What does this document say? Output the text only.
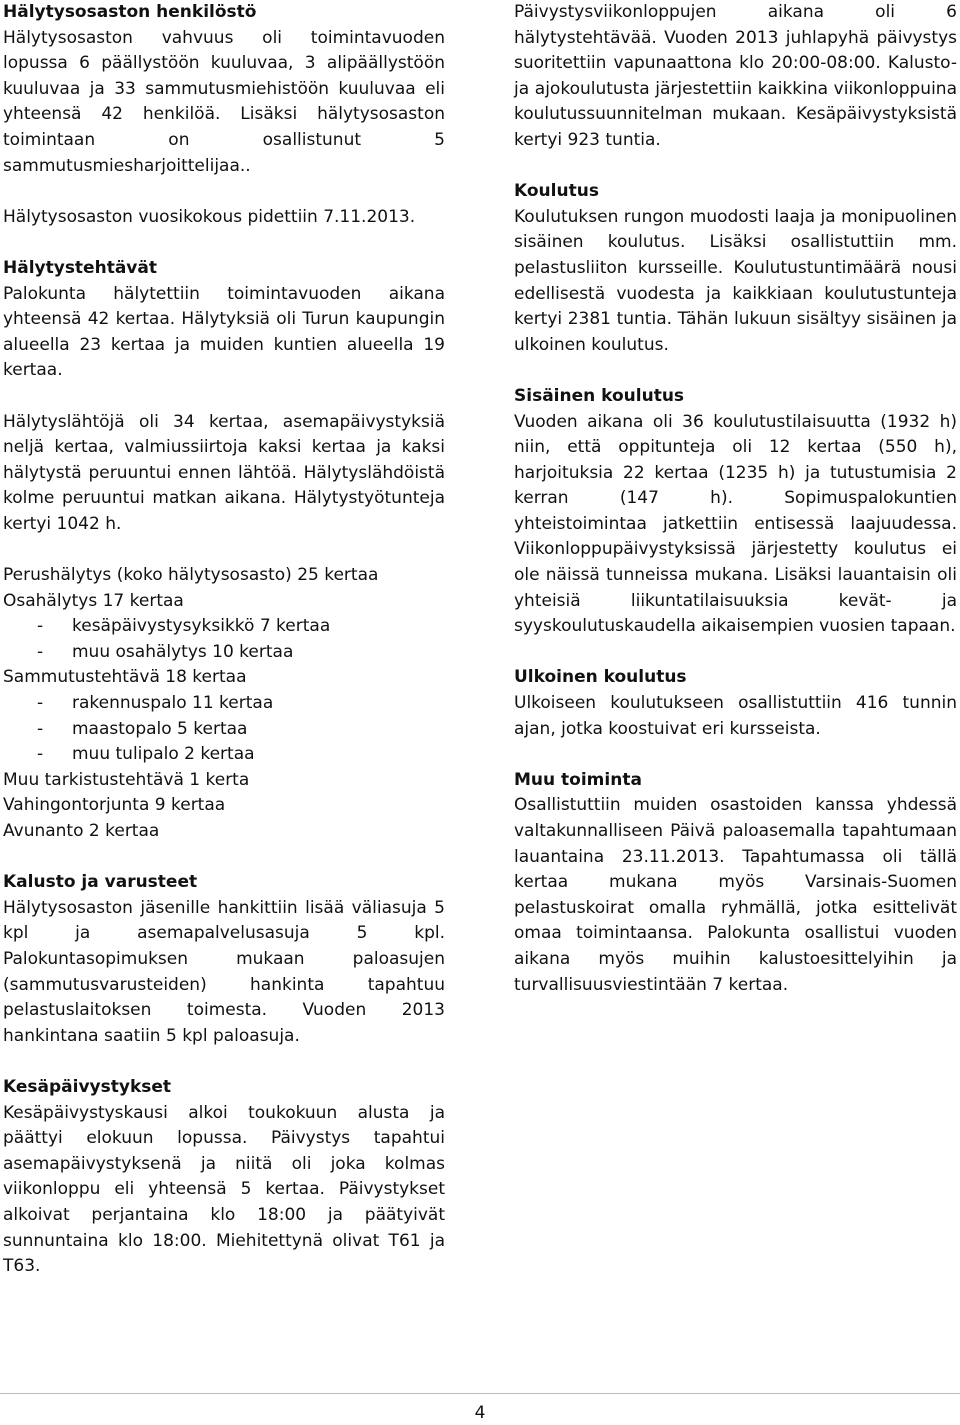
Hälytysosaston henkilöstö

Hälytysosaston vahvuus oli toimintavuoden lopussa 6 päällystöön kuuluvaa, 3 alipäällystöön kuuluvaa ja 33 sammutusmiehistöön kuuluvaa eli yhteensä 42 henkilöä. Lisäksi hälytysosaston toimintaan on osallistunut 5 sammutusmiesharjoittelijaa..

Hälytysosaston vuosikokous pidettiin 7.11.2013.

Hälytystehtävät

Palokunta hälytettiin toimintavuoden aikana yhteensä 42 kertaa. Hälytyksiä oli Turun kaupungin alueella 23 kertaa ja muiden kuntien alueella 19 kertaa.

Hälytyslähtöjä oli 34 kertaa, asemapäivystyksiä neljä kertaa, valmiussiirtoja kaksi kertaa ja kaksi hälytystä peruuntui ennen lähtöä. Hälytyslähdöistä kolme peruuntui matkan aikana. Hälytystyötunteja kertyi 1042 h.

Perushälytys (koko hälytysosasto) 25 kertaa
Osahälytys 17 kertaa
- kesäpäivystysyksikkö 7 kertaa
- muu osahälytys 10 kertaa
Sammutustehtävä 18 kertaa
- rakennuspalo 11 kertaa
- maastopalo 5 kertaa
- muu tulipalo 2 kertaa
Muu tarkistustehtävä 1 kerta
Vahingontorjunta 9 kertaa
Avunanto 2 kertaa
Kalusto ja varusteet

Hälytysosaston jäsenille hankittiin lisää väliasuja 5 kpl ja asemapalvelusasuja 5 kpl. Palokuntasopimuksen mukaan paloasujen (sammutusvarusteiden) hankinta tapahtuu pelastuslaitoksen toimesta. Vuoden 2013 hankintana saatiin 5 kpl paloasuja.

Kesäpäivystykset

Kesäpäivystyskausi alkoi toukokuun alusta ja päättyi elokuun lopussa. Päivystys tapahtui asemapäivystyksenä ja niitä oli joka kolmas viikonloppu eli yhteensä 5 kertaa. Päivystykset alkoivat perjantaina klo 18:00 ja päätyivät sunnuntaina klo 18:00. Miehitettynä olivat T61 ja T63.

Päivystysviikonloppujen aikana oli 6 hälytystehtävää. Vuoden 2013 juhlapyhä päivystys suoritettiin vapunaattona klo 20:00-08:00. Kalusto- ja ajokoulutusta järjestettiin kaikkina viikonloppuina koulutussuunnitelman mukaan. Kesäpäivystyksistä kertyi 923 tuntia.

Koulutus

Koulutuksen rungon muodosti laaja ja monipuolinen sisäinen koulutus. Lisäksi osallistuttiin mm. pelastusliiton kursseille. Koulutustuntimäärä nousi edellisestä vuodesta ja kaikkiaan koulutustunteja kertyi 2381 tuntia. Tähän lukuun sisältyy sisäinen ja ulkoinen koulutus.

Sisäinen koulutus

Vuoden aikana oli 36 koulutustilaisuutta (1932 h) niin, että oppitunteja oli 12 kertaa (550 h), harjoituksia 22 kertaa (1235 h) ja tutustumisia 2 kerran (147 h). Sopimuspalokuntien yhteistoimintaa jatkettiin entisessä laajuudessa. Viikonloppupäivystyksissä järjestetty koulutus ei ole näissä tunneissa mukana. Lisäksi lauantaisin oli yhteisiä liikuntatilaisuuksia kevät- ja syyskoulutuskaudella aikaisempien vuosien tapaan.

Ulkoinen koulutus

Ulkoiseen koulutukseen osallistuttiin 416 tunnin ajan, jotka koostuivat eri kursseista.

Muu toiminta

Osallistuttiin muiden osastoiden kanssa yhdessä valtakunnalliseen Päivä paloasemalla tapahtumaan lauantaina 23.11.2013. Tapahtumassa oli tällä kertaa mukana myös Varsinais-Suomen pelastuskoirat omalla ryhmällä, jotka esittelivät omaa toimintaansa. Palokunta osallistui vuoden aikana myös muihin kalustoesittelyihin ja turvallisuusviestintään 7 kertaa.

4
